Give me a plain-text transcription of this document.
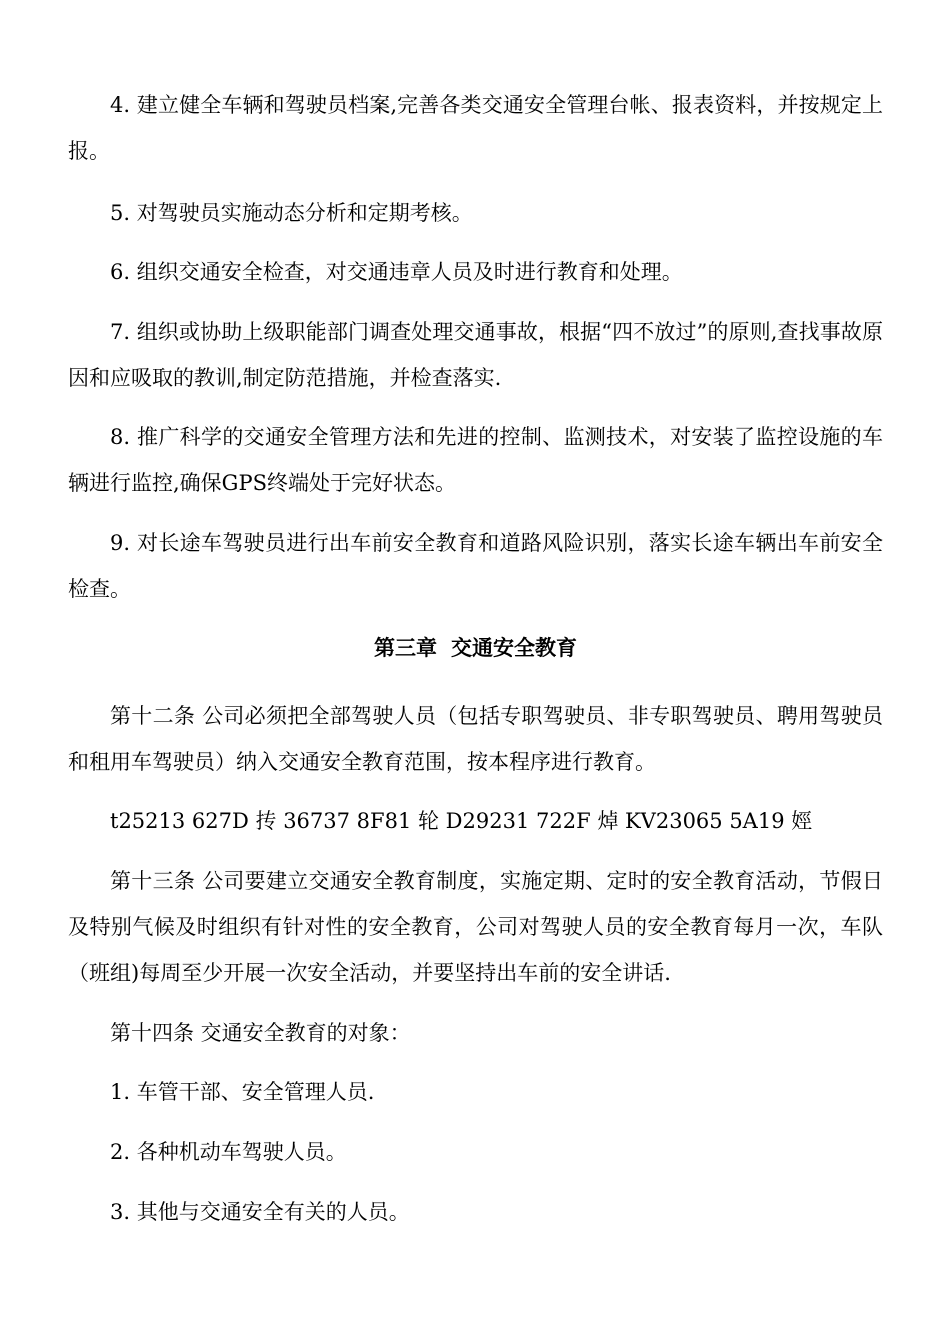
4. 建立健全车辆和驾驶员档案,完善各类交通安全管理台帐、报表资料，并按规定上报。

5. 对驾驶员实施动态分析和定期考核。

6. 组织交通安全检查，对交通违章人员及时进行教育和处理。

7. 组织或协助上级职能部门调查处理交通事故，根据“四不放过”的原则,查找事故原因和应吸取的教训,制定防范措施，并检查落实.

8. 推广科学的交通安全管理方法和先进的控制、监测技术，对安装了监控设施的车辆进行监控,确保GPS终端处于完好状态。

9. 对长途车驾驶员进行出车前安全教育和道路风险识别，落实长途车辆出车前安全检查。

第三章 交通安全教育

第十二条 公司必须把全部驾驶人员（包括专职驾驶员、非专职驾驶员、聘用驾驶员和租用车驾驶员）纳入交通安全教育范围，按本程序进行教育。

t25213 627D 抟 36737 8F81 轮 D29231 722F 焯 KV23065 5A19 娙

第十三条 公司要建立交通安全教育制度，实施定期、定时的安全教育活动，节假日及特别气候及时组织有针对性的安全教育，公司对驾驶人员的安全教育每月一次，车队（班组)每周至少开展一次安全活动，并要坚持出车前的安全讲话.

第十四条 交通安全教育的对象：

1. 车管干部、安全管理人员.

2. 各种机动车驾驶人员。

3. 其他与交通安全有关的人员。
